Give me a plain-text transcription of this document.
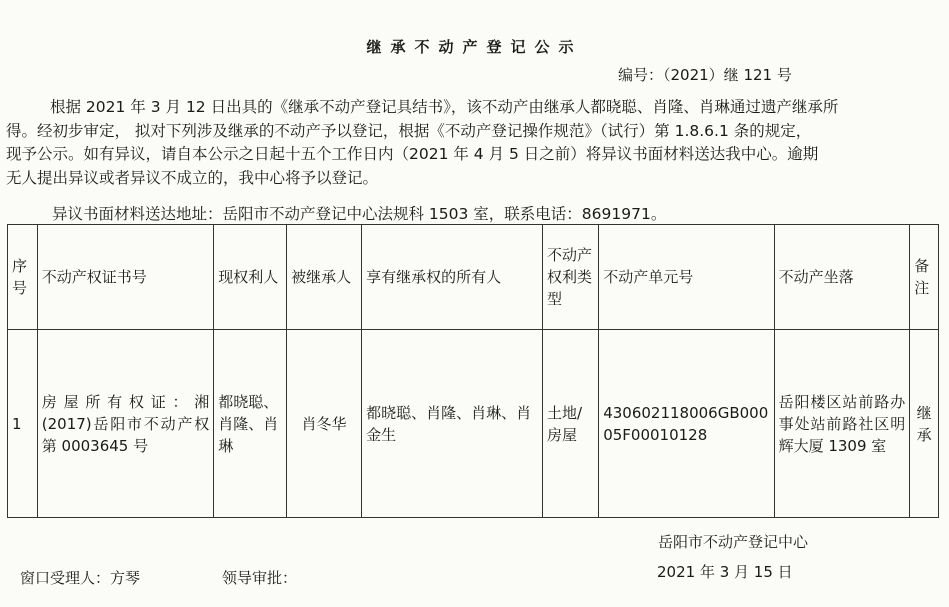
继承不动产登记公示
编号：（2021）继 121 号
根据 2021 年 3 月 12 日出具的《继承不动产登记具结书》，该不动产由继承人都晓聪、肖隆、肖琳通过遗产继承所
得。经初步审定， 拟对下列涉及继承的不动产予以登记，根据《不动产登记操作规范》（试行）第 1.8.6.1 条的规定，
现予公示。如有异议，请自本公示之日起十五个工作日内（2021 年 4 月 5 日之前）将异议书面材料送达我中心。逾期
无人提出异议或者异议不成立的，我中心将予以登记。
异议书面材料送达地址：岳阳市不动产登记中心法规科 1503 室，联系电话：8691971。
序号	不动产权证书号	现权利人	被继承人	享有继承权的所有人	不动产权利类型	不动产单元号	不动产坐落	备注
1	房屋所有权证：湘(2017)岳阳市不动产权第 0003645 号	都晓聪、肖隆、肖琳	肖冬华	都晓聪、肖隆、肖琳、肖金生	土地/房屋	430602118006GB00005F00010128	岳阳楼区站前路办事处站前路社区明辉大厦 1309 室	继承
岳阳市不动产登记中心
2021 年 3 月 15 日
窗口受理人：方琴	领导审批：
